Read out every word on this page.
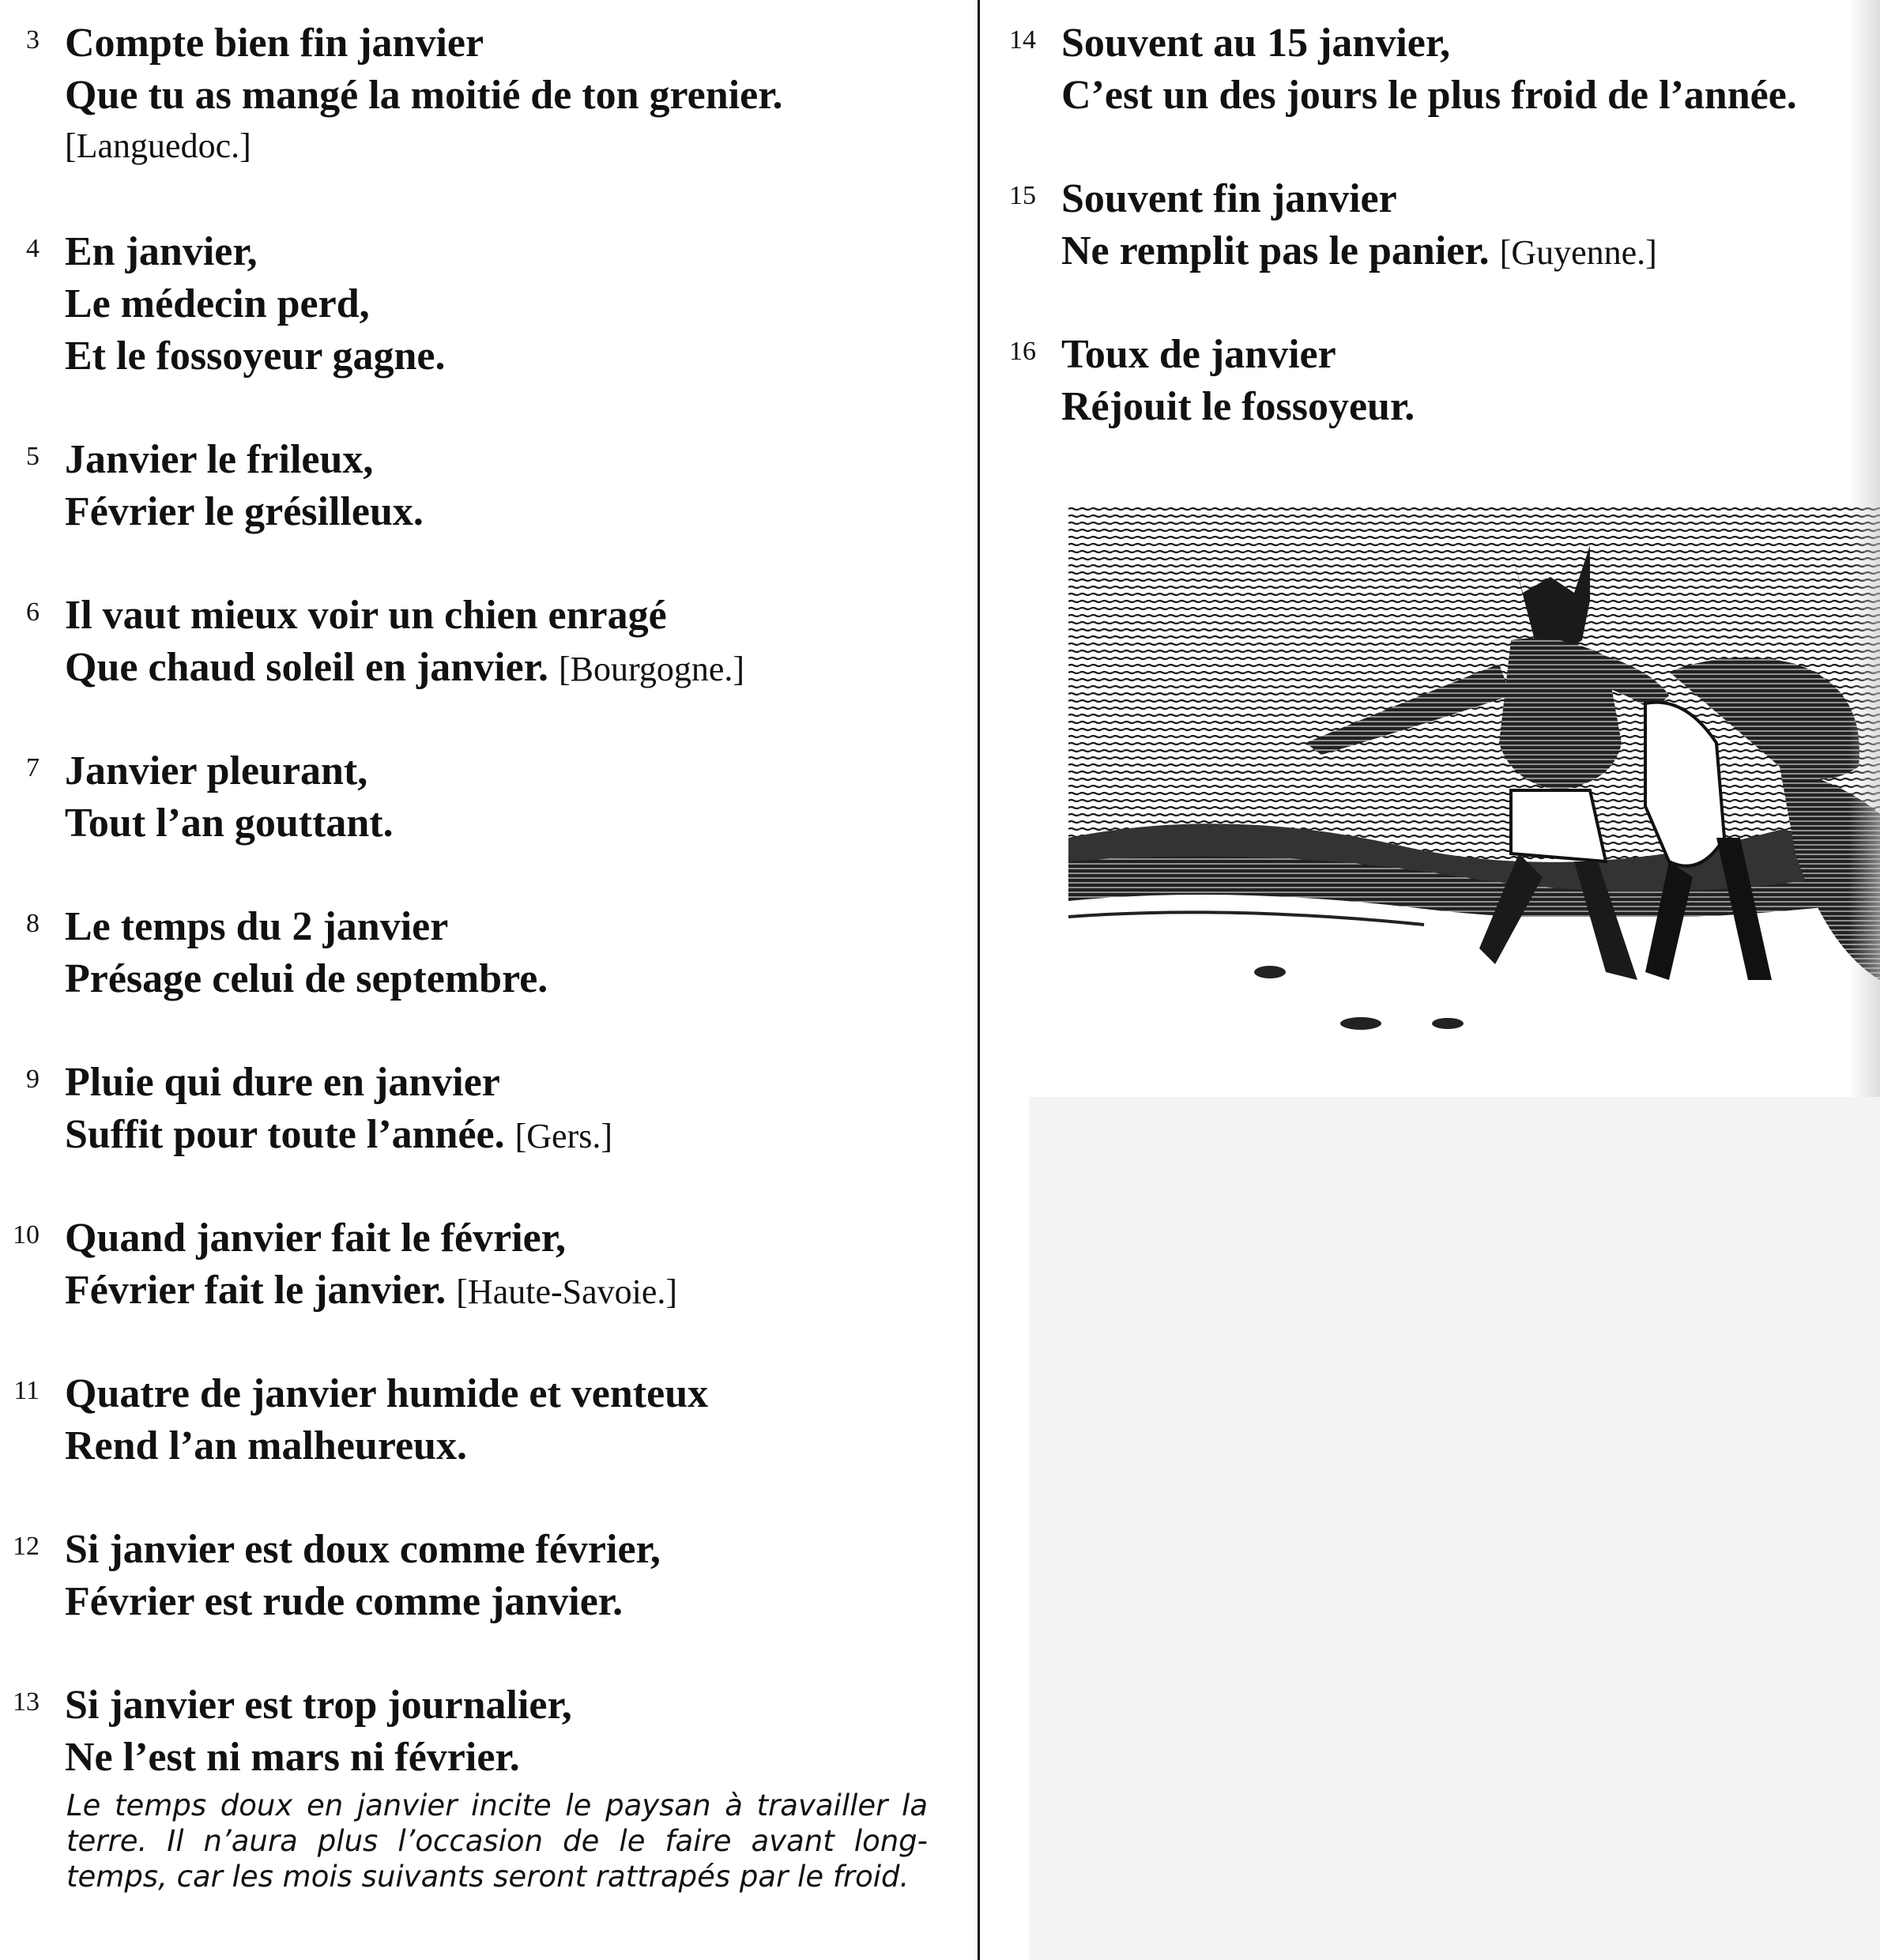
3 Compte bien fin janvier
Que tu as mangé la moitié de ton grenier.
[Languedoc.]
4 En janvier,
Le médecin perd,
Et le fossoyeur gagne.
5 Janvier le frileux,
Février le grésilleux.
6 Il vaut mieux voir un chien enragé
Que chaud soleil en janvier. [Bourgogne.]
7 Janvier pleurant,
Tout l’an gouttant.
8 Le temps du 2 janvier
Présage celui de septembre.
9 Pluie qui dure en janvier
Suffit pour toute l’année. [Gers.]
10 Quand janvier fait le février,
Février fait le janvier. [Haute-Savoie.]
11 Quatre de janvier humide et venteux
Rend l’an malheureux.
12 Si janvier est doux comme février,
Février est rude comme janvier.
13 Si janvier est trop journalier,
Ne l’est ni mars ni février.
Le temps doux en janvier incite le paysan à travailler la terre. Il n’aura plus l’occasion de le faire avant long-temps, car les mois suivants seront rattrapés par le froid.
14 Souvent au 15 janvier,
C’est un des jours le plus froid de l’année.
15 Souvent fin janvier
Ne remplit pas le panier. [Guyenne.]
16 Toux de janvier
Réjouit le fossoyeur.
